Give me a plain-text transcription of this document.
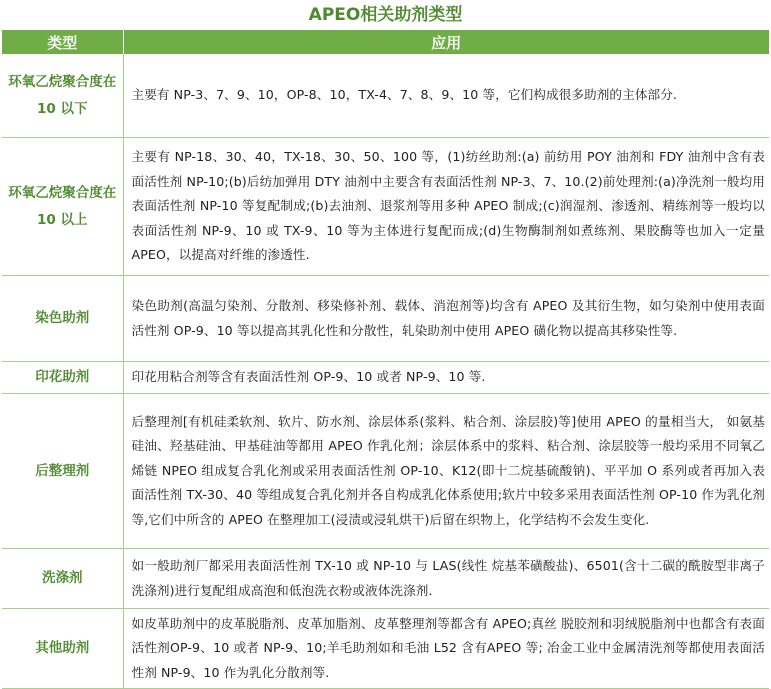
APEO相关助剂类型
类型	应用
环氧乙烷聚合度在10 以下	主要有 NP-3、7、9、10，OP-8、10，TX-4、7、8、9、10 等，它们构成很多助剂的主体部分.
环氧乙烷聚合度在10 以上	主要有 NP-18、30、40，TX-18、30、50、100 等，(1)纺丝助剂:(a) 前纺用 POY 油剂和 FDY 油剂中含有表面活性剂 NP-10;(b)后纺加弹用 DTY 油剂中主要含有表面活性剂 NP-3、7、10.(2)前处理剂:(a)净洗剂一般均用表面活性剂 NP-10 等复配制成;(b)去油剂、退浆剂等用多种 APEO 制成;(c)润湿剂、渗透剂、精练剂等一般均以表面活性剂 NP-9、10 或 TX-9、10 等为主体进行复配而成;(d)生物酶制剂如煮练剂、果胶酶等也加入一定量 APEO，以提高对纤维的渗透性.
染色助剂	染色助剂(高温匀染剂、分散剂、移染修补剂、载体、消泡剂等)均含有 APEO 及其衍生物，如匀染剂中使用表面活性剂 OP-9、10 等以提高其乳化性和分散性，轧染助剂中使用 APEO 磺化物以提高其移染性等.
印花助剂	印花用粘合剂等含有表面活性剂 OP-9、10 或者 NP-9、10 等.
后整理剂	后整理剂[有机硅柔软剂、软片、防水剂、涂层体系(浆料、粘合剂、涂层胶)等]使用 APEO 的量相当大， 如氨基硅油、羟基硅油、甲基硅油等都用 APEO 作乳化剂；涂层体系中的浆料、粘合剂、涂层胶等一般均采用不同氧乙烯链 NPEO 组成复合乳化剂或采用表面活性剂 OP-10、K12(即十二烷基硫酸钠)、平平加 O 系列或者再加入表面活性剂 TX-30、40 等组成复合乳化剂并各自构成乳化体系使用;软片中较多采用表面活性剂 OP-10 作为乳化剂等,它们中所含的 APEO 在整理加工(浸渍或浸轧烘干)后留在织物上，化学结构不会发生变化.
洗涤剂	如一般助剂厂都采用表面活性剂 TX-10 或 NP-10 与 LAS(线性 烷基苯磺酸盐)、6501(含十二碳的酰胺型非离子洗涤剂)进行复配组成高泡和低泡洗衣粉或液体洗涤剂.
其他助剂	如皮革助剂中的皮革脱脂剂、皮革加脂剂、皮革整理剂等都含有 APEO;真丝 脱胶剂和羽绒脱脂剂中也都含有表面活性剂OP-9、10 或者 NP-9、10;羊毛助剂如和毛油 L52 含有APEO 等; 冶金工业中金属清洗剂等都使用表面活性剂 NP-9、10 作为乳化分散剂等.
